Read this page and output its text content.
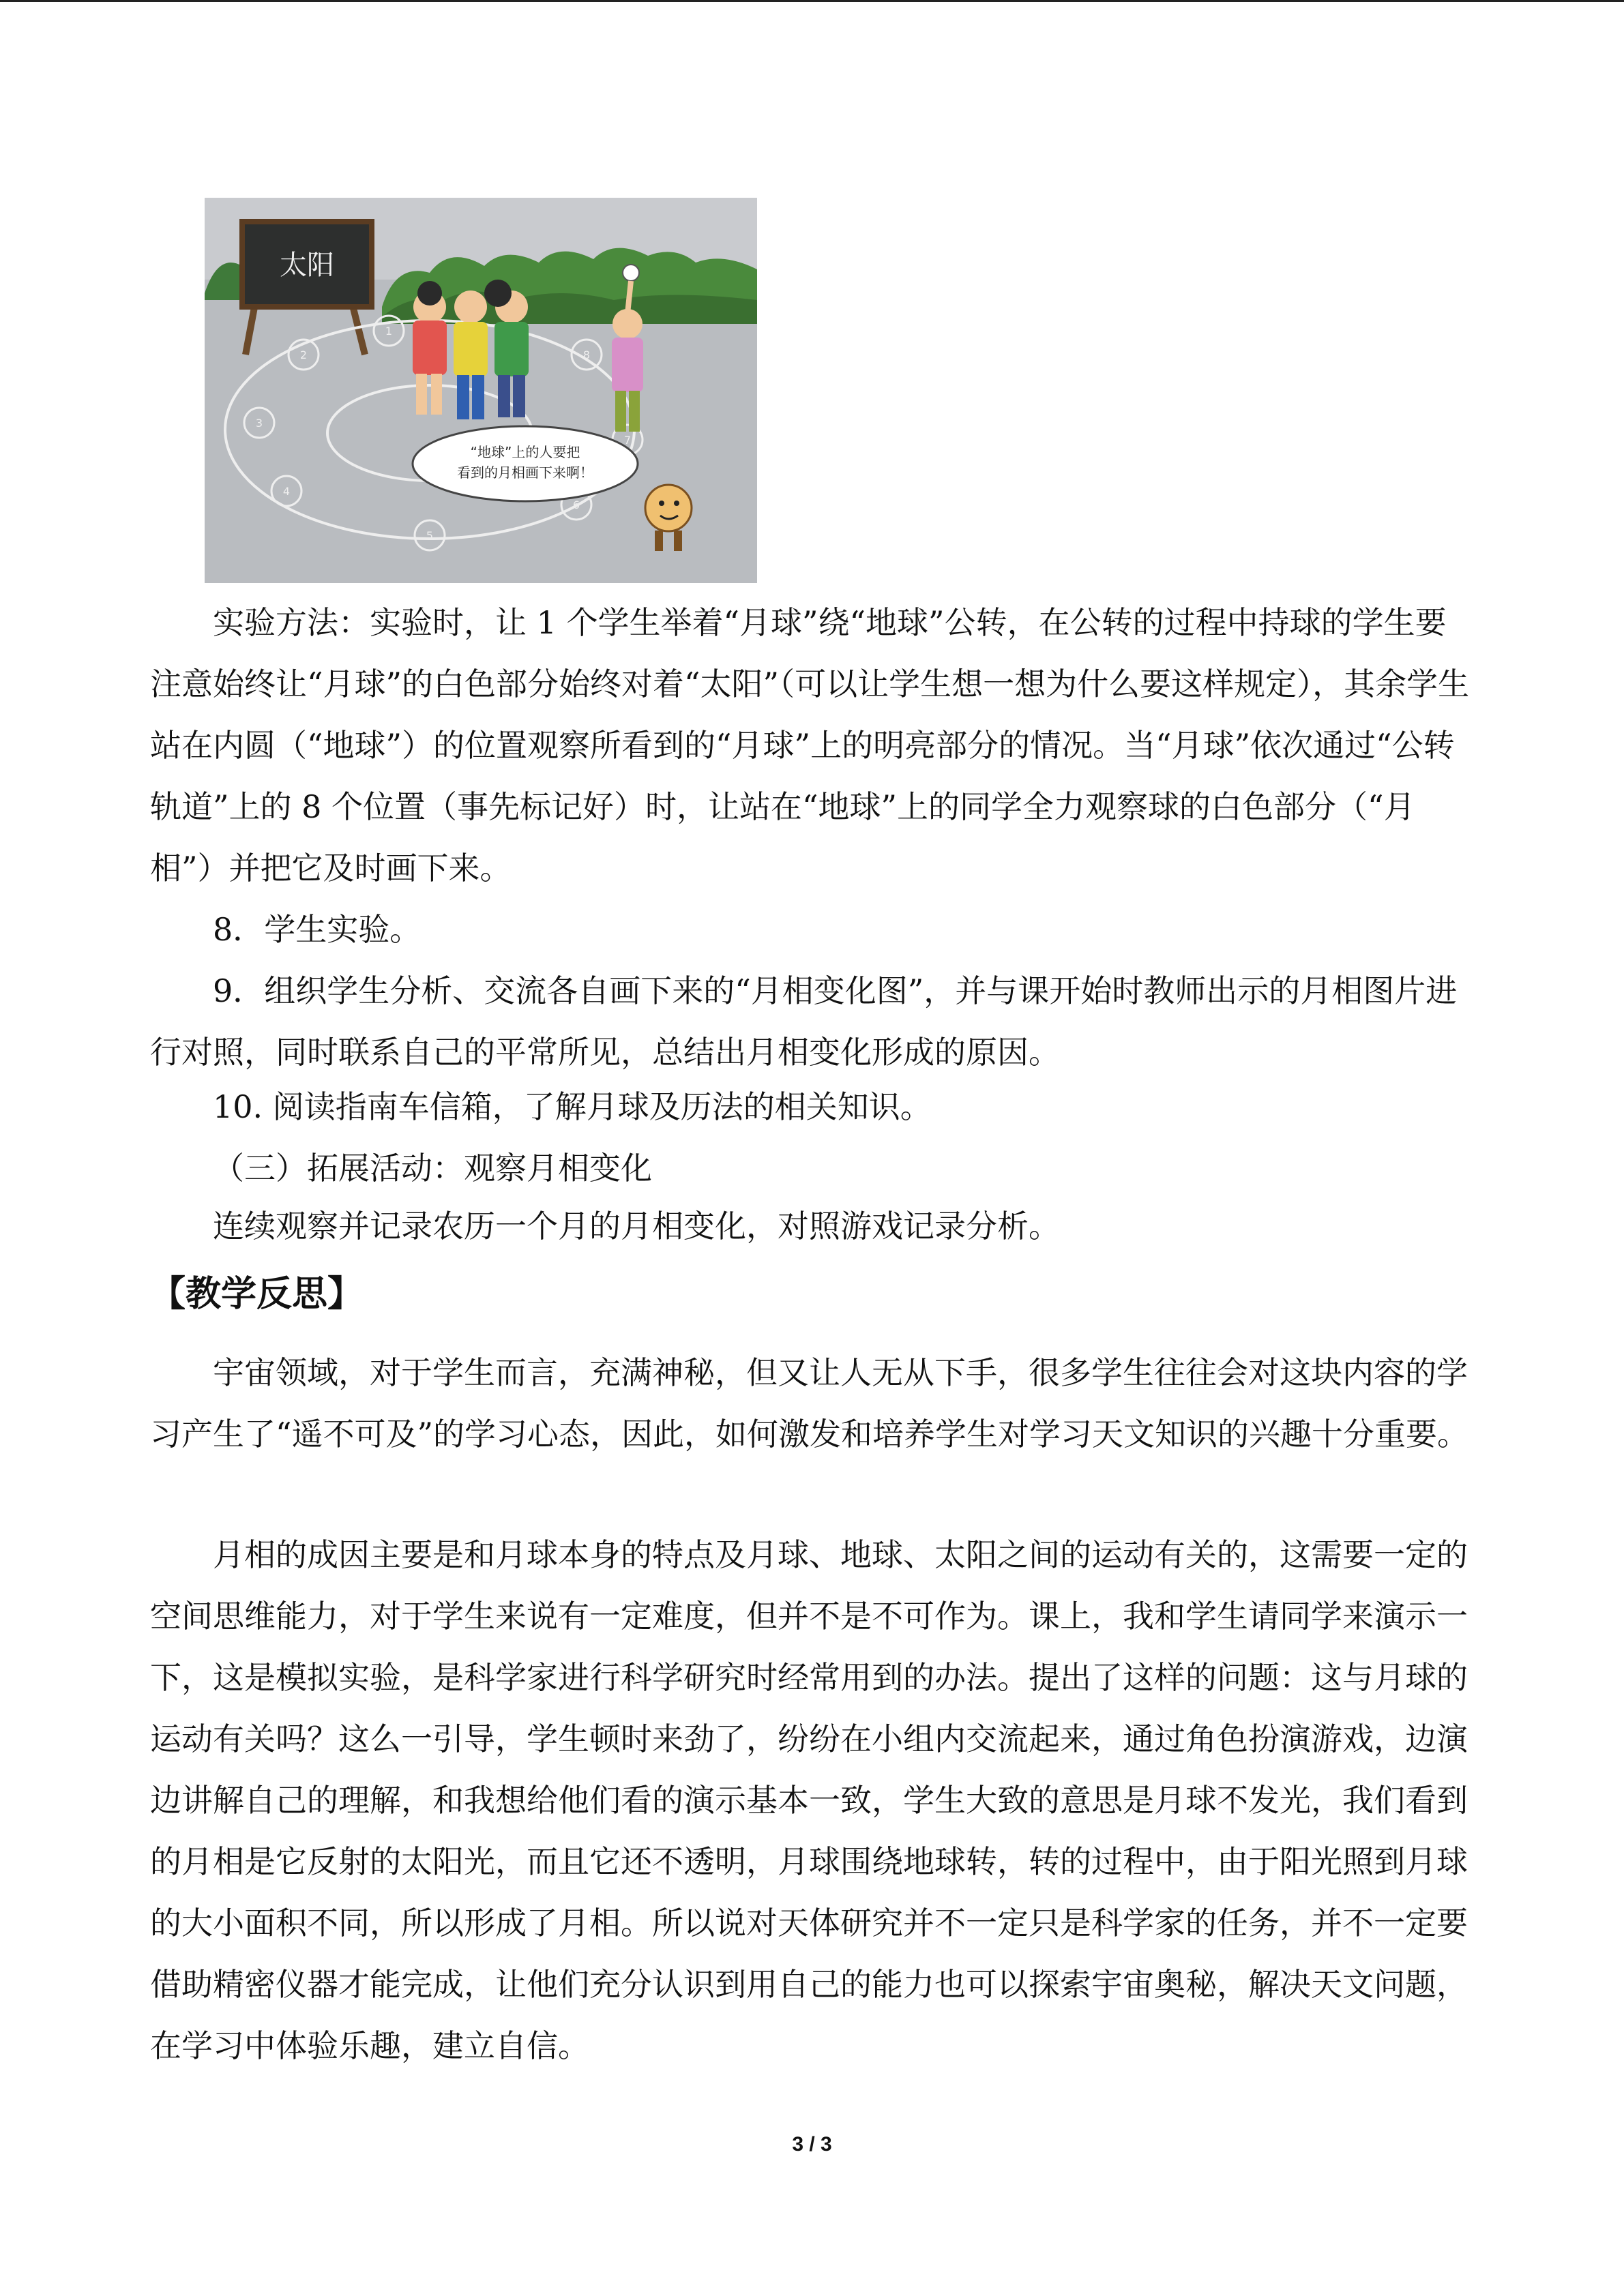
太阳
1
2
3
4
5
6
7
8
“地球”上的人要把
看到的月相画下来啊！

实验方法：实验时，让 1 个学生举着“月球”绕“地球”公转，在公转的过程中持球的学生要注意始终让“月球”的白色部分始终对着“太阳”（可以让学生想一想为什么要这样规定），其余学生站在内圆（“地球”）的位置观察所看到的“月球”上的明亮部分的情况。当“月球”依次通过“公转轨道”上的 8 个位置（事先标记好）时，让站在“地球”上的同学全力观察球的白色部分（“月相”）并把它及时画下来。

8．学生实验。

9．组织学生分析、交流各自画下来的“月相变化图”，并与课开始时教师出示的月相图片进行对照，同时联系自己的平常所见，总结出月相变化形成的原因。

10. 阅读指南车信箱，了解月球及历法的相关知识。

（三）拓展活动：观察月相变化

连续观察并记录农历一个月的月相变化，对照游戏记录分析。

【教学反思】

宇宙领域，对于学生而言，充满神秘，但又让人无从下手，很多学生往往会对这块内容的学习产生了“遥不可及”的学习心态，因此，如何激发和培养学生对学习天文知识的兴趣十分重要。

月相的成因主要是和月球本身的特点及月球、地球、太阳之间的运动有关的，这需要一定的空间思维能力，对于学生来说有一定难度，但并不是不可作为。课上，我和学生请同学来演示一下，这是模拟实验，是科学家进行科学研究时经常用到的办法。提出了这样的问题：这与月球的运动有关吗？这么一引导，学生顿时来劲了，纷纷在小组内交流起来，通过角色扮演游戏，边演边讲解自己的理解，和我想给他们看的演示基本一致，学生大致的意思是月球不发光，我们看到的月相是它反射的太阳光，而且它还不透明，月球围绕地球转，转的过程中，由于阳光照到月球的大小面积不同，所以形成了月相。所以说对天体研究并不一定只是科学家的任务，并不一定要借助精密仪器才能完成，让他们充分认识到用自己的能力也可以探索宇宙奥秘，解决天文问题，在学习中体验乐趣，建立自信。

3 / 3
